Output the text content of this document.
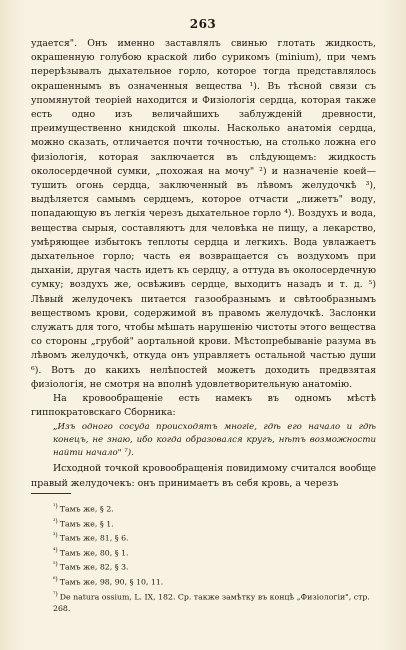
263

удается". Онъ именно заставлялъ свинью глотать жидкость, окрашенную голубою краской либо сурикомъ (minium), при чемъ перерѣзывалъ дыхательное горло, которое тогда представлялось окрашеннымъ въ означенныя вещества ¹). Въ тѣсной связи съ упомянутой теоріей находится и Физіологія сердца, которая также есть одно изъ величайшихъ заблужденій древности, преимущественно книдской школы. Насколько анатомія сердца, можно сказать, отличается почти точностью, на столько ложна его физіологія, которая заключается въ слѣдующемъ: жидкость околосердечной сумки, „похожая на мочу" ²) и назначеніе коей—тушить огонь сердца, заключенный въ лѣвомъ желудочкѣ ³), выдѣляется самымъ сердцемъ, которое отчасти „лижетъ" воду, попадающую въ легкія черезъ дыхательное горло ⁴). Воздухъ и вода, вещества сырыя, составляютъ для человѣка не пищу, а лекарство, умѣряющее избытокъ теплоты сердца и легкихъ. Вода увлажаетъ дыхательное горло; часть ея возвращается съ воздухомъ при дыханіи, другая часть идетъ къ сердцу, а оттуда въ околосердечную сумку; воздухъ же, освѣживъ сердце, выходитъ назадъ и т. д. ⁵) Лѣвый желудочекъ питается газообразнымъ и свѣтообразнымъ веществомъ крови, содержимой въ правомъ желудочкѣ. Заслонки служатъ для того, чтобы мѣшать нарушенію чистоты этого вещества со стороны „грубой" аортальной крови. Мѣстопребываніе разума въ лѣвомъ желудочкѣ, откуда онъ управляетъ остальной частью души ⁶). Вотъ до какихъ нелѣпостей можетъ доходить предвзятая физіологія, не смотря на вполнѣ удовлетворительную анатомію.

На кровообращеніе есть намекъ въ одномъ мѣстѣ гиппократовскаго Сборника:

„Изъ одного сосуда происходятъ многіе, гдѣ его начало и гдѣ конецъ, не знаю, ибо когда образовался кругъ, нѣтъ возможности найти начало" ⁷).

Исходной точкой кровообращенія повидимому считался вообще правый желудочекъ: онъ принимаетъ въ себя кровь, а черезъ

$^{^1)}$ Тамъ же, § 2.
$^{^2)}$ Тамъ же, § 1.
$^{^3)}$ Тамъ же, 81, § 6.
$^{^4)}$ Тамъ же, 80, § 1.
$^{^5)}$ Тамъ же, 82, § 3.
$^{^6)}$ Тамъ же, 98, 90, § 10, 11.
$^{^7)}$ De natura ossium, L. IX, 182. Ср. также замѣтку въ концѣ „Физіологіи", стр. 268.
